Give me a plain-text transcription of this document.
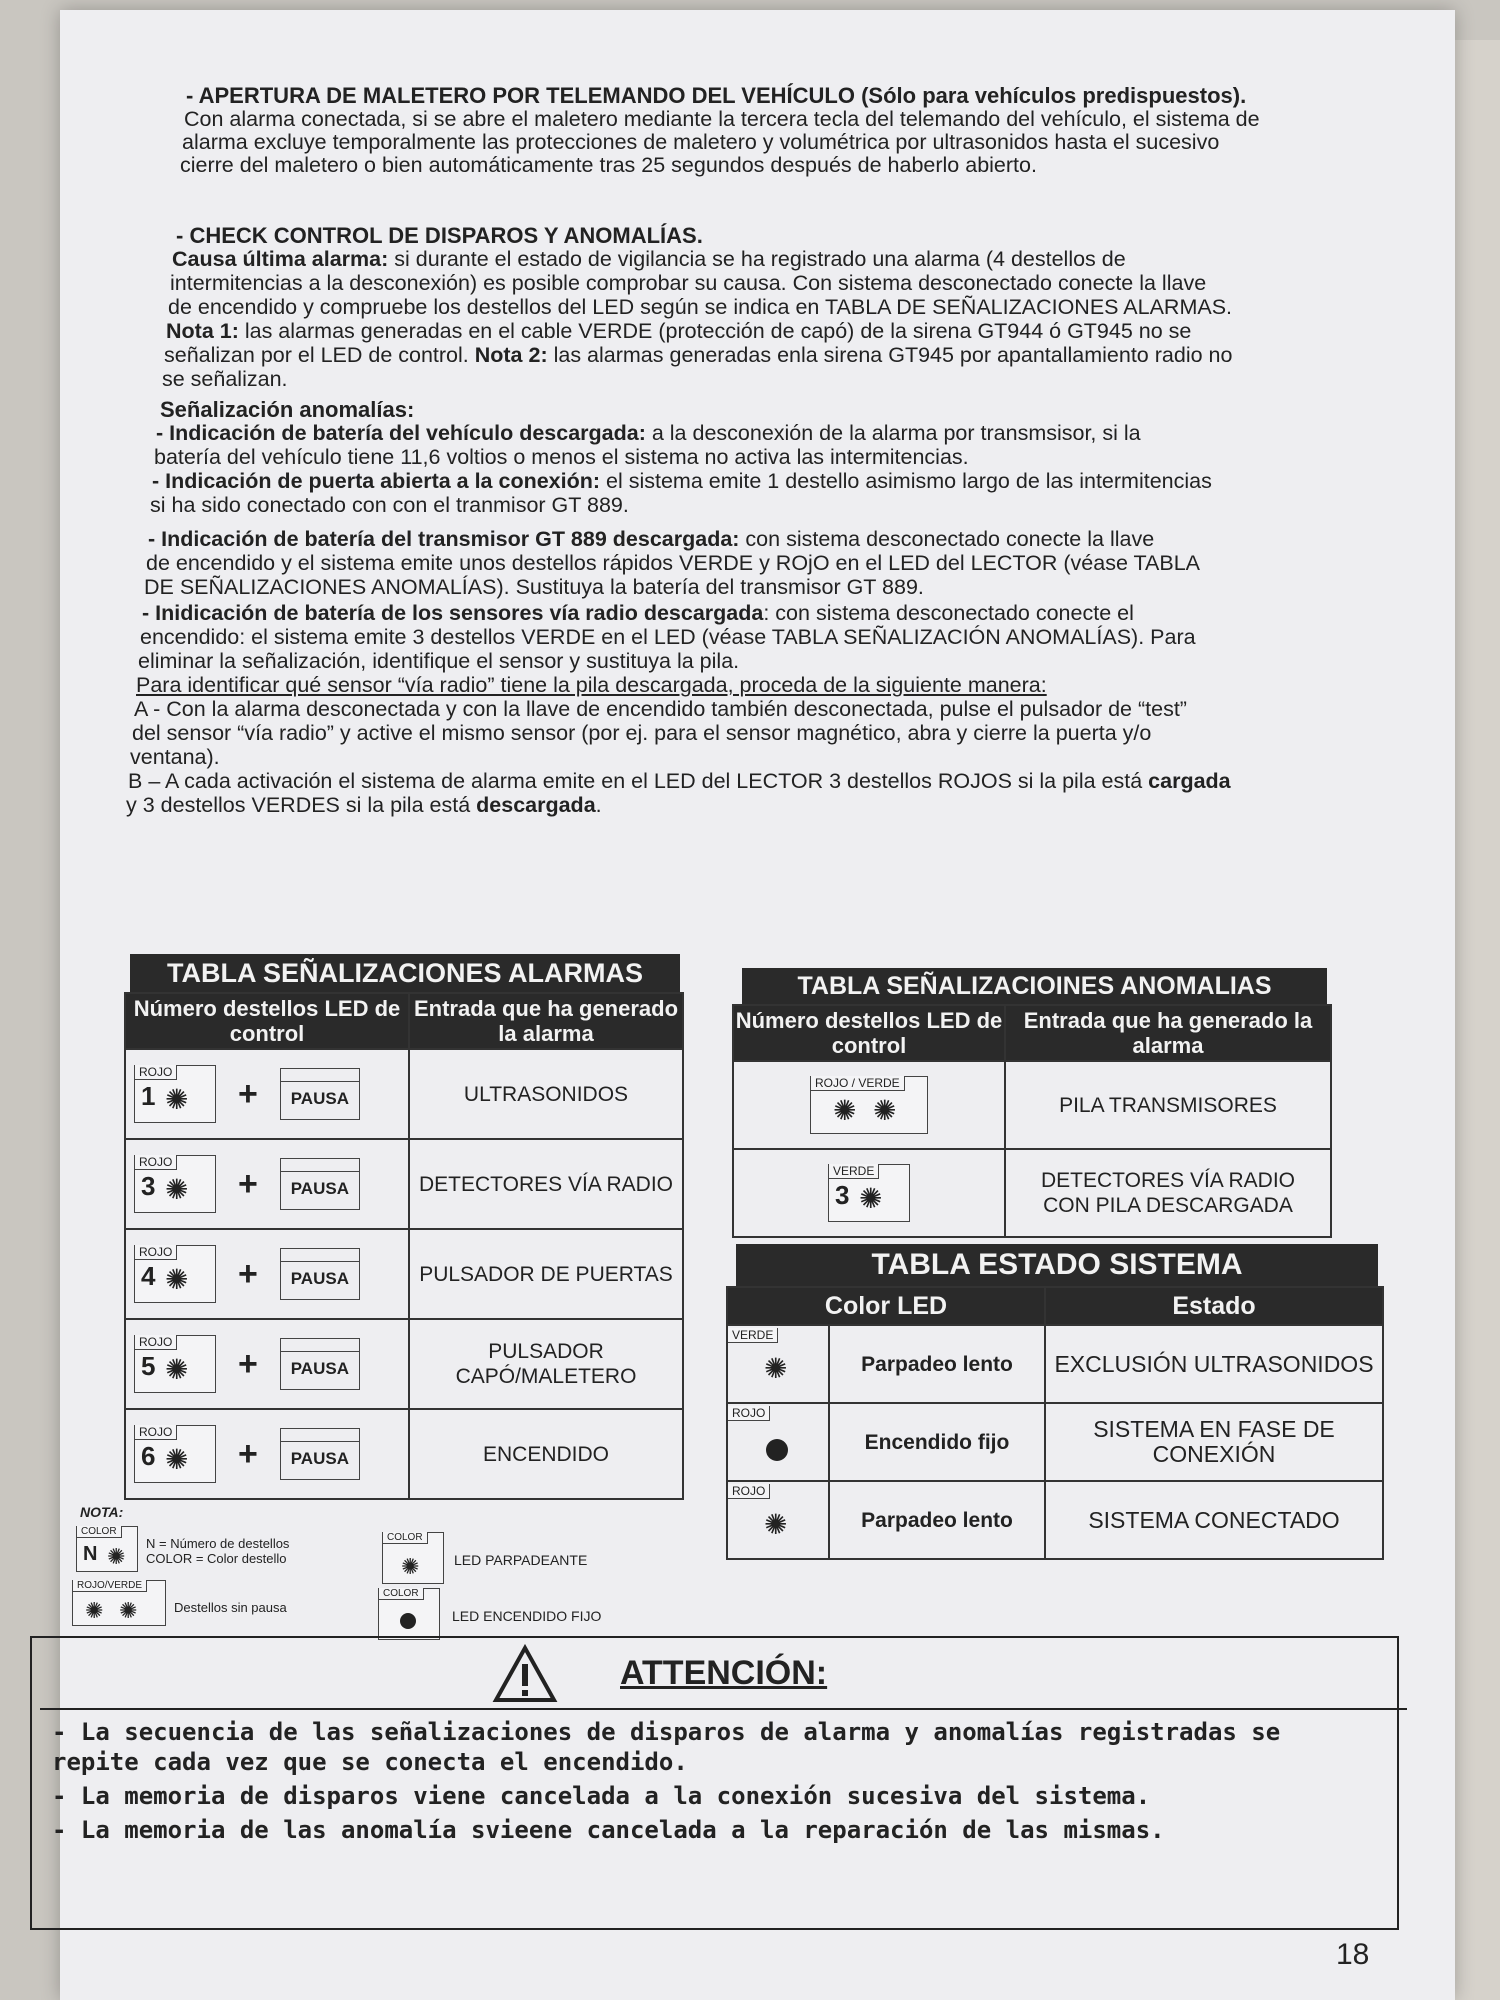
- APERTURA DE MALETERO POR TELEMANDO DEL VEHÍCULO (Sólo para vehículos predispuestos).
Con alarma conectada, si se abre el maletero mediante la tercera tecla del telemando del vehículo, el sistema de
alarma excluye temporalmente las protecciones de maletero y volumétrica por ultrasonidos hasta el sucesivo
cierre del maletero o bien automáticamente tras 25 segundos después de haberlo abierto.
- CHECK CONTROL DE DISPAROS Y ANOMALÍAS.
Causa última alarma: si durante el estado de vigilancia se ha registrado una alarma (4 destellos de
intermitencias a la desconexión) es posible comprobar su causa. Con sistema desconectado conecte la llave
de encendido y compruebe los destellos del LED según se indica en TABLA DE SEÑALIZACIONES ALARMAS.
Nota 1: las alarmas generadas en el cable VERDE (protección de capó) de la sirena GT944 ó GT945 no se
señalizan por el LED de control. Nota 2: las alarmas generadas enla sirena GT945 por apantallamiento radio no
se señalizan.
Señalización anomalías:
- Indicación de batería del vehículo descargada: a la desconexión de la alarma por transmsisor, si la
batería del vehículo tiene 11,6 voltios o menos el sistema no activa las intermitencias.
- Indicación de puerta abierta a la conexión: el sistema emite 1 destello asimismo largo de las intermitencias
si ha sido conectado con con el tranmisor GT 889.
- Indicación de batería del transmisor GT 889 descargada: con sistema desconectado conecte la llave
de encendido y el sistema emite unos destellos rápidos VERDE y ROjO en el LED del LECTOR (véase TABLA
DE SEÑALIZACIONES ANOMALÍAS). Sustituya la batería del transmisor GT 889.
- Inidicación de batería de los sensores vía radio descargada: con sistema desconectado conecte el
encendido: el sistema emite 3 destellos VERDE en el LED (véase TABLA SEÑALIZACIÓN ANOMALÍAS). Para
eliminar la señalización, identifique el sensor y sustituya la pila.
Para identificar qué sensor “vía radio” tiene la pila descargada, proceda de la siguiente manera:
A - Con la alarma desconectada y con la llave de encendido también desconectada, pulse el pulsador de “test”
del sensor “vía radio” y active el mismo sensor (por ej. para el sensor magnético, abra y cierre la puerta y/o
ventana).
B – A cada activación el sistema de alarma emite en el LED del LECTOR 3 destellos ROJOS si la pila está cargada
y 3 destellos VERDES si la pila está descargada.
TABLA SEÑALIZACIONES ALARMAS
Número destellos LED de control	Entrada que ha generado la alarma

ROJO
1 ✺ + PAUSA	ULTRASONIDOS

ROJO
3 ✺ + PAUSA	DETECTORES VÍA RADIO

ROJO
4 ✺ + PAUSA	PULSADOR DE PUERTAS

ROJO
5 ✺ + PAUSA	PULSADOR CAPÓ/MALETERO

ROJO
6 ✺ + PAUSA	ENCENDIDO
TABLA SEÑALIZACIOINES ANOMALIAS
Número destellos LED de control	Entrada que ha generado la alarma

ROJO / VERDE
✺ ✺	PILA TRANSMISORES

VERDE
3 ✺	DETECTORES VÍA RADIO CON PILA DESCARGADA
TABLA ESTADO SISTEMA
Color LED		Estado

VERDE
✺	Parpadeo lento	EXCLUSIÓN ULTRASONIDOS

ROJO	Encendido fijo	SISTEMA EN FASE DE CONEXIÓN

ROJO
✺	Parpadeo lento	SISTEMA CONECTADO
NOTA:
COLOR
N ✺
N = Número de destellos
COLOR = Color destello
ROJO/VERDE
✺ ✺	Destellos sin pausa
COLOR
✺ LED PARPADEANTE
COLOR
LED ENCENDIDO FIJO
ATTENCIÓN:
- La secuencia de las señalizaciones de disparos de alarma y anomalías registradas se
repite cada vez que se conecta el encendido.
- La memoria de disparos viene cancelada a la conexión sucesiva del sistema.
- La memoria de las anomalía svieene cancelada a la reparación de las mismas.
18
